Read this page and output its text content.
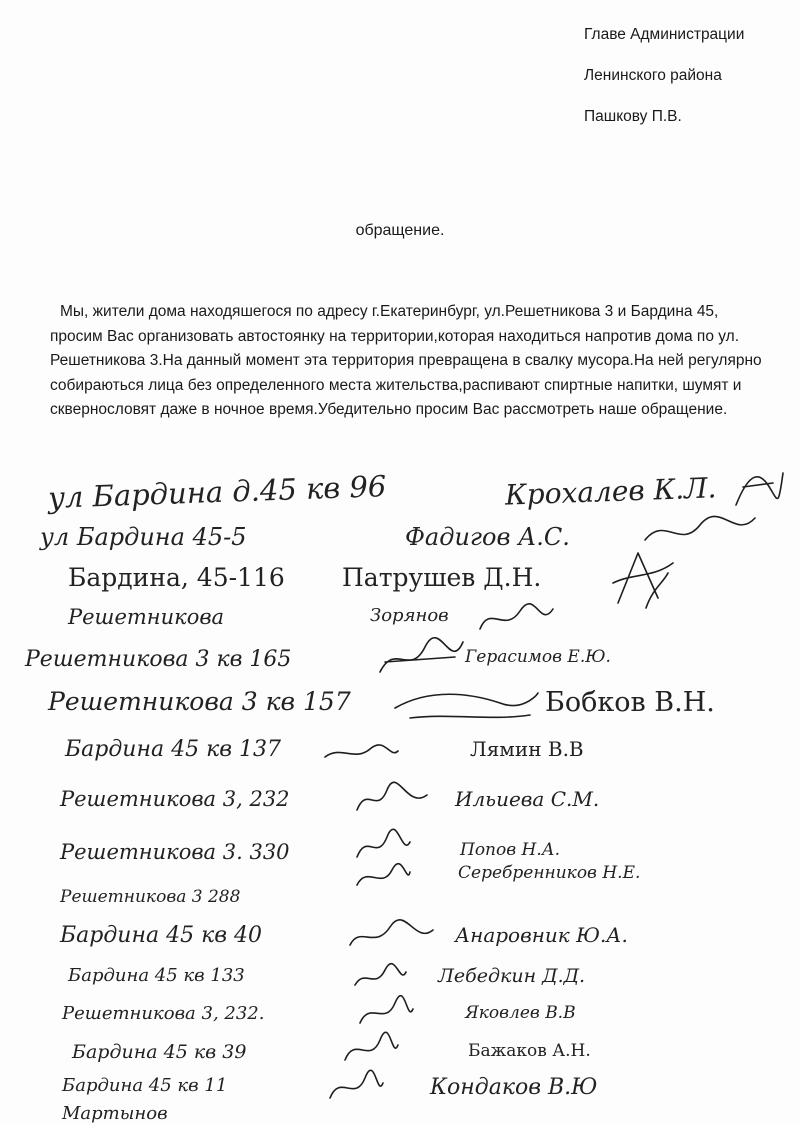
Главе Администрации
Ленинского района
Пашкову П.В.
обращение.

Мы, жители дома находяшегося по адресу г.Екатеринбург, ул.Решетникова 3 и Бардина 45, просим Вас организовать автостоянку на территории,которая находиться напротив дома по ул. Решетникова 3.На данный момент эта территория превращена в свалку мусора.На ней регулярно собираються лица без определенного места жительства,распивают спиртные напитки, шумят и сквернословят даже в ночное время.Убедительно просим Вас рассмотреть наше обращение.

ул Бардина д.45 кв 96	Крохалев К.Л.
ул Бардина 45-5	Фадигов А.С.
Бардина, 45-116 Патрушев Д.Н.
Решетникова	Зорянов
Решетникова 3 кв 165	Герасимов Е.Ю.
Решетникова 3 кв 157	Бобков В.Н.
Бардина 45 кв 137	Лямин В.В
Решетникова 3, 232	Ильиева С.М.
Решетникова 3. 330	Попов Н.А.
Серебренников Н.Е.
Решетникова 3 288
Бардина 45 кв 40	Анаровник Ю.А.
Бардина 45 кв 133	Лебедкин Д.Д.
Решетникова 3, 232.	Яковлев В.В
Бардина 45 кв 39	Бажаков А.Н.
Бардина 45 кв 11	Кондаков В.Ю
Мартынов
